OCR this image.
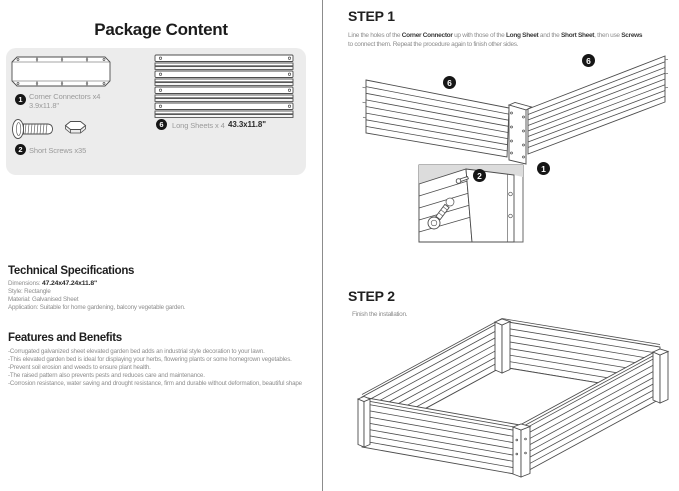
Package Content
1 Corner Connectors x4
3.9x11.8"
2 Short Screws x35
6	Long Sheets x 4 43.3x11.8"
Technical Specifications
Dimensions: 47.24x47.24x11.8"
Style: Rectangle
Material: Galvanised Sheet
Application: Suitable for home gardening, balcony vegetable garden.
Features and Benefits
-Corrugated galvanized sheet elevated garden bed adds an industrial style decoration to your lawn.
-This elevated garden bed is ideal for displaying your herbs, flowering plants or some homegrown vegetables.
-Prevent soil erosion and weeds to ensure plant health.
-The raised pattern also prevents pests and reduces care and maintenance.
-Corrosion resistance, water saving and drought resistance, firm and durable without deformation, beautiful shape
STEP 1
Line the holes of the Corner Connector up with those of the Long Sheet and the Short Sheet, then use Screws
to connect them. Repeat the procedure again to finish other sides.
6
6
1
2
STEP 2
Finish the installation.
